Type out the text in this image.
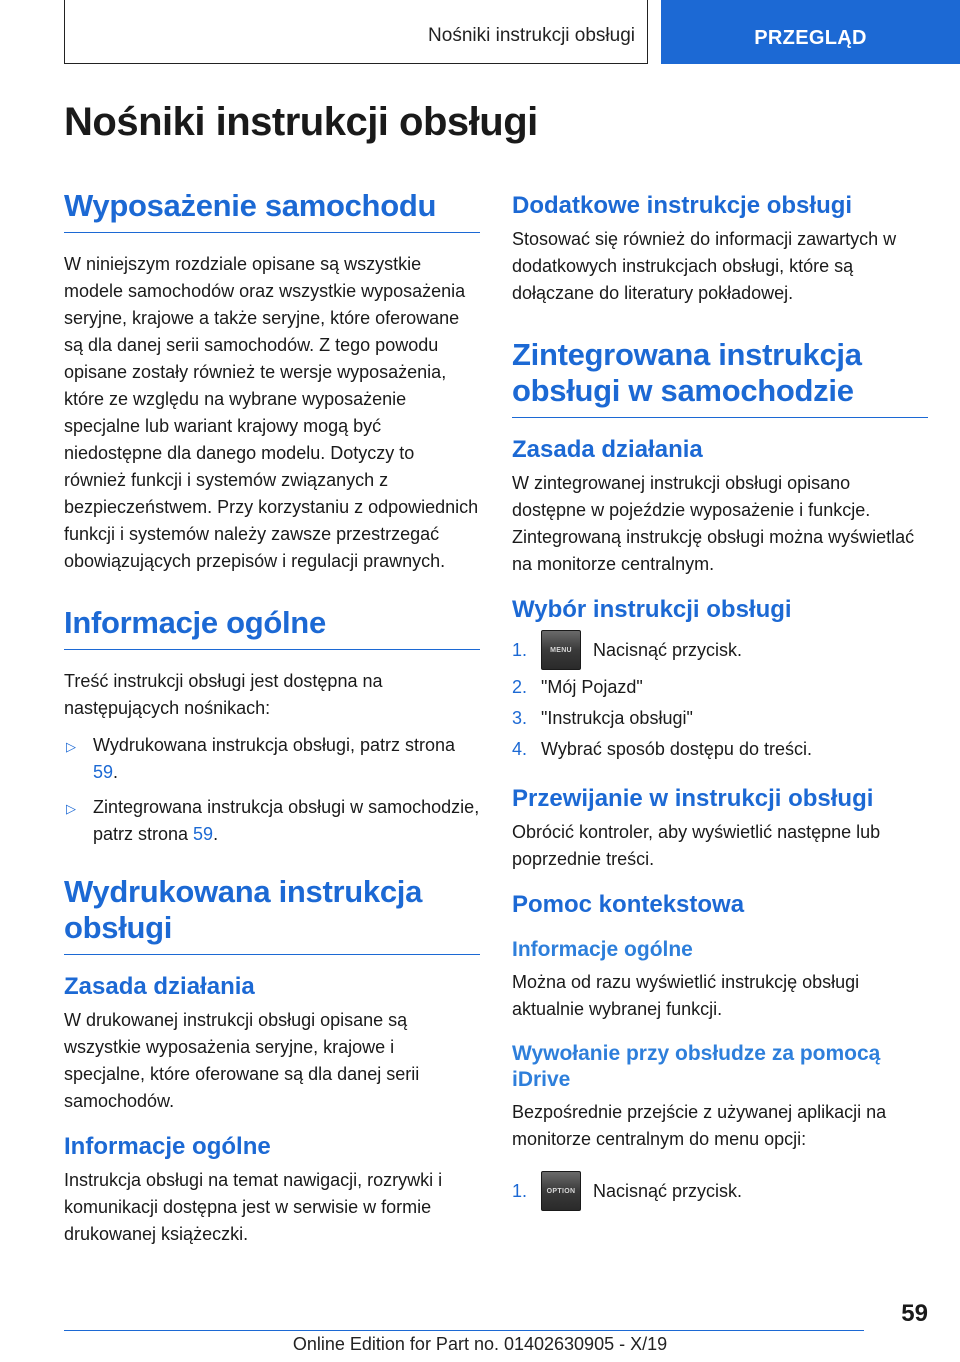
Nośniki instrukcji obsługi	PRZEGLĄD
Nośniki instrukcji obsługi
Wyposażenie samochodu

W niniejszym rozdziale opisane są wszystkie modele samochodów oraz wszystkie wyposażenia seryjne, krajowe a także seryjne, które oferowane są dla danej serii samochodów. Z tego powodu opisane zostały również te wersje wyposażenia, które ze względu na wybrane wyposażenie specjalne lub wariant krajowy mogą być niedostępne dla danego modelu. Dotyczy to również funkcji i systemów związanych z bezpieczeństwem. Przy korzystaniu z odpowiednich funkcji i systemów należy zawsze przestrzegać obowiązujących przepisów i regulacji prawnych.

Informacje ogólne

Treść instrukcji obsługi jest dostępna na następujących nośnikach:

▷ Wydrukowana instrukcja obsługi, patrz strona 59.
▷ Zintegrowana instrukcja obsługi w samochodzie, patrz strona 59.
Wydrukowana instrukcja obsługi
Zasada działania

W drukowanej instrukcji obsługi opisane są wszystkie wyposażenia seryjne, krajowe i specjalne, które oferowane są dla danej serii samochodów.

Informacje ogólne

Instrukcja obsługi na temat nawigacji, rozrywki i komunikacji dostępna jest w serwisie w formie drukowanej książeczki.

Dodatkowe instrukcje obsługi

Stosować się również do informacji zawartych w dodatkowych instrukcjach obsługi, które są dołączane do literatury pokładowej.

Zintegrowana instrukcja obsługi w samochodzie
Zasada działania

W zintegrowanej instrukcji obsługi opisano dostępne w pojeździe wyposażenie i funkcje. Zintegrowaną instrukcję obsługi można wyświetlać na monitorze centralnym.

Wybór instrukcji obsługi
1.	MENU	Nacisnąć przycisk.
2. "Mój Pojazd"
3. "Instrukcja obsługi"
4. Wybrać sposób dostępu do treści.
Przewijanie w instrukcji obsługi

Obrócić kontroler, aby wyświetlić następne lub poprzednie treści.

Pomoc kontekstowa
Informacje ogólne

Można od razu wyświetlić instrukcję obsługi aktualnie wybranej funkcji.

Wywołanie przy obsłudze za pomocą iDrive

Bezpośrednie przejście z używanej aplikacji na monitorze centralnym do menu opcji:

1.	OPTION Nacisnąć przycisk.
59
Online Edition for Part no. 01402630905 - X/19
